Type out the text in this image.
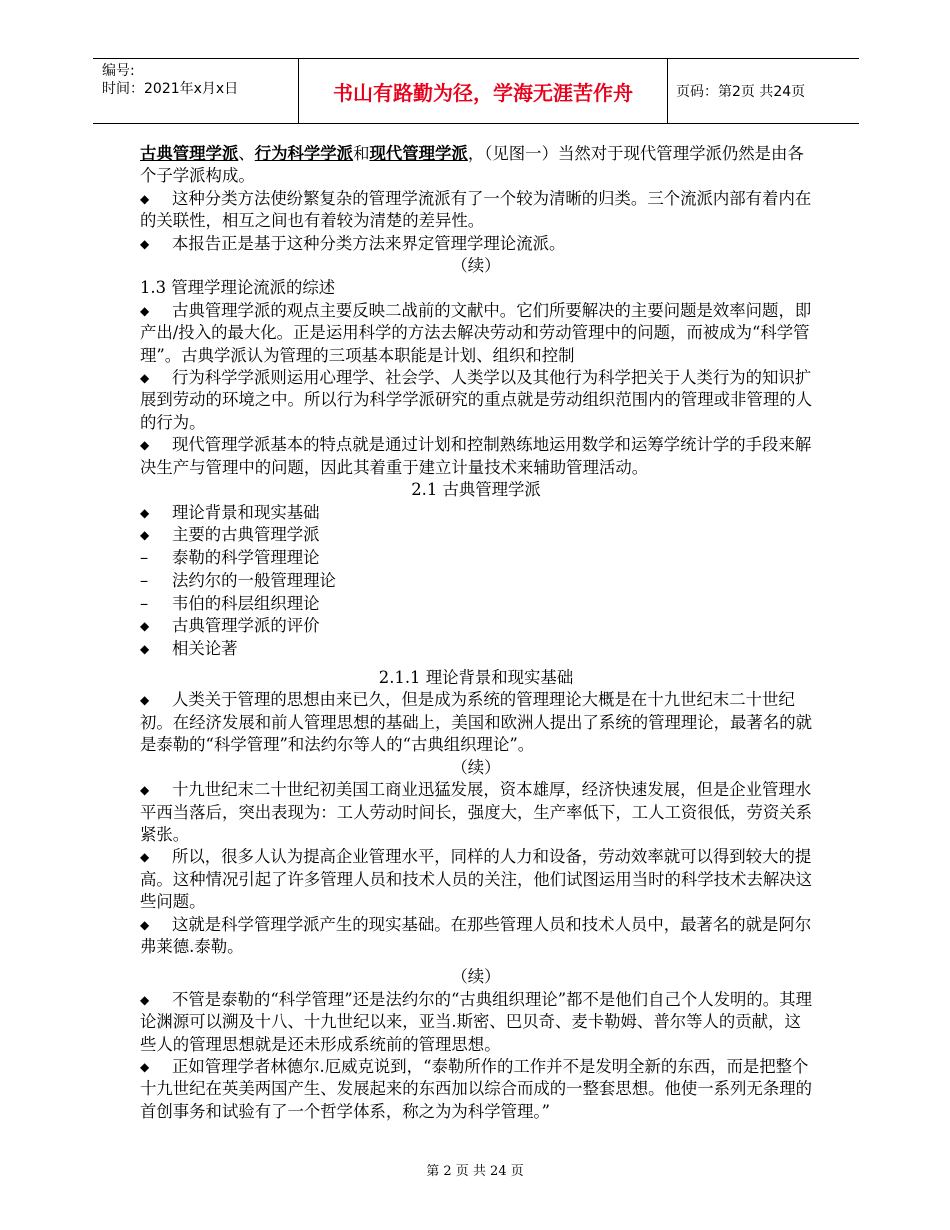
编号:
时间：2021年x月x日	书山有路勤为径，学海无涯苦作舟	页码：第2页 共24页

古典管理学派、行为科学学派和现代管理学派，（见图一）当然对于现代管理学派仍然是由各个子学派构成。

◆ 这种分类方法使纷繁复杂的管理学流派有了一个较为清晰的归类。三个流派内部有着内在的关联性，相互之间也有着较为清楚的差异性。

◆ 本报告正是基于这种分类方法来界定管理学理论流派。

（续）

1.3 管理学理论流派的综述

◆ 古典管理学派的观点主要反映二战前的文献中。它们所要解决的主要问题是效率问题，即产出/投入的最大化。正是运用科学的方法去解决劳动和劳动管理中的问题，而被成为“科学管理”。古典学派认为管理的三项基本职能是计划、组织和控制

◆ 行为科学学派则运用心理学、社会学、人类学以及其他行为科学把关于人类行为的知识扩展到劳动的环境之中。所以行为科学学派研究的重点就是劳动组织范围内的管理或非管理的人的行为。

◆ 现代管理学派基本的特点就是通过计划和控制熟练地运用数学和运筹学统计学的手段来解决生产与管理中的问题，因此其着重于建立计量技术来辅助管理活动。

2.1 古典管理学派

◆ 理论背景和现实基础

◆ 主要的古典管理学派

– 泰勒的科学管理理论

– 法约尔的一般管理理论

– 韦伯的科层组织理论

◆ 古典管理学派的评价

◆ 相关论著

2.1.1 理论背景和现实基础

◆ 人类关于管理的思想由来已久，但是成为系统的管理理论大概是在十九世纪末二十世纪初。在经济发展和前人管理思想的基础上，美国和欧洲人提出了系统的管理理论，最著名的就是泰勒的“科学管理”和法约尔等人的“古典组织理论”。

（续）

◆ 十九世纪末二十世纪初美国工商业迅猛发展，资本雄厚，经济快速发展，但是企业管理水平西当落后，突出表现为：工人劳动时间长，强度大，生产率低下，工人工资很低，劳资关系紧张。

◆ 所以，很多人认为提高企业管理水平，同样的人力和设备，劳动效率就可以得到较大的提高。这种情况引起了许多管理人员和技术人员的关注，他们试图运用当时的科学技术去解决这些问题。

◆ 这就是科学管理学派产生的现实基础。在那些管理人员和技术人员中，最著名的就是阿尔弗莱德.泰勒。

（续）

◆ 不管是泰勒的“科学管理”还是法约尔的“古典组织理论”都不是他们自己个人发明的。其理论渊源可以溯及十八、十九世纪以来，亚当.斯密、巴贝奇、麦卡勒姆、普尔等人的贡献，这些人的管理思想就是还未形成系统前的管理思想。

◆ 正如管理学者林德尔.厄威克说到，“泰勒所作的工作并不是发明全新的东西，而是把整个十九世纪在英美两国产生、发展起来的东西加以综合而成的一整套思想。他使一系列无条理的首创事务和试验有了一个哲学体系，称之为为科学管理。”

第 2 页 共 24 页
